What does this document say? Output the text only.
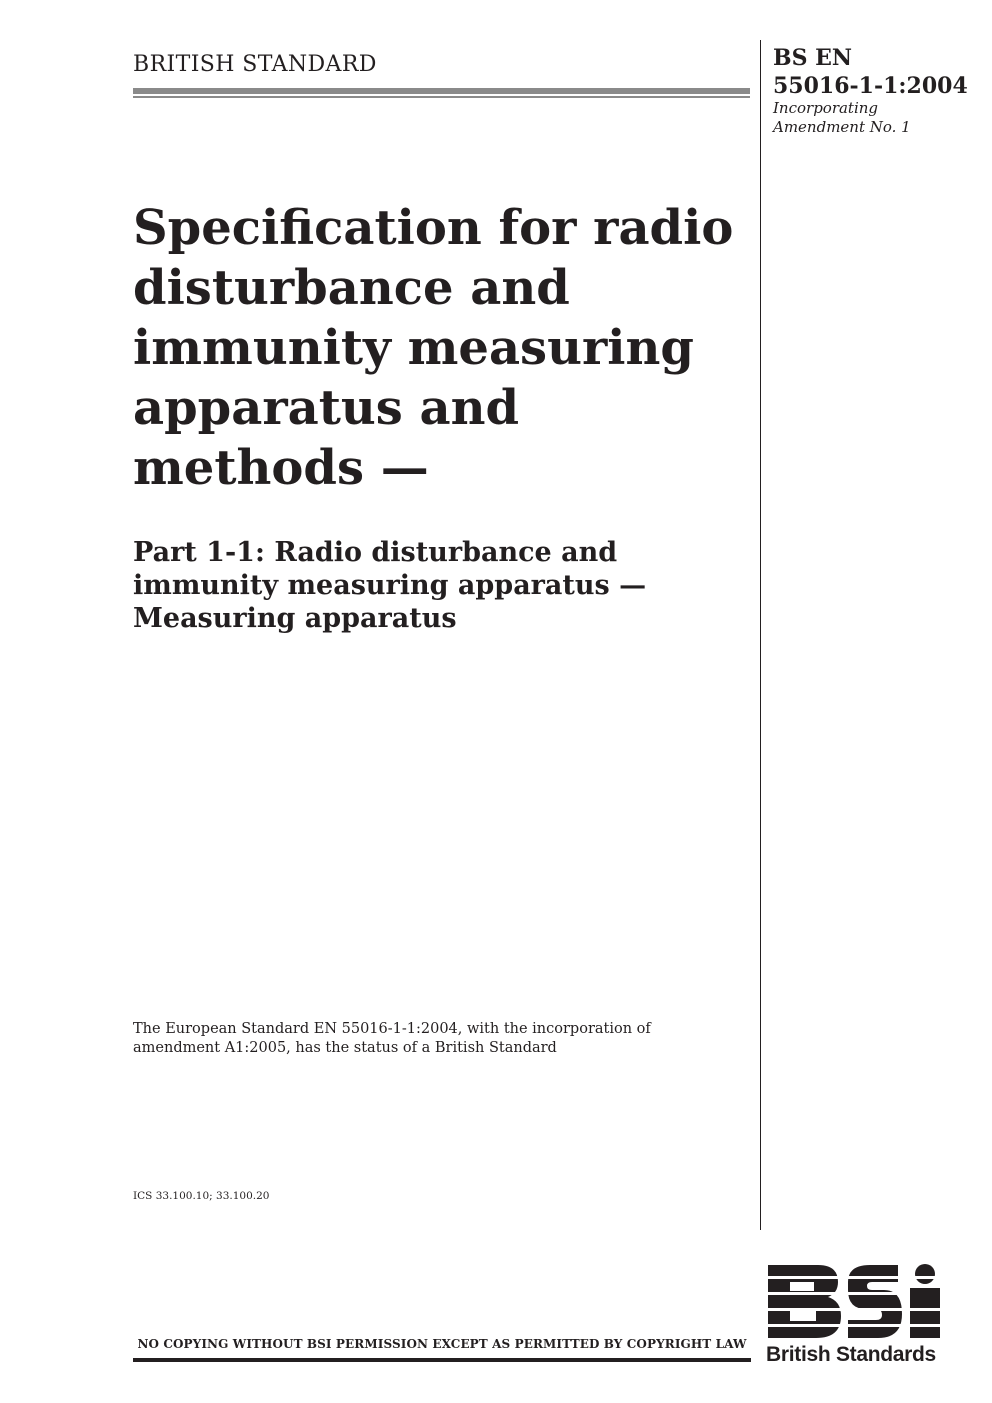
BRITISH STANDARD	BS EN
55016-1-1:2004
Incorporating
Amendment No. 1
Specification for radio
disturbance and
immunity measuring
apparatus and
methods —
Part 1-1: Radio disturbance and
immunity measuring apparatus —
Measuring apparatus
The European Standard EN 55016-1-1:2004, with the incorporation of
amendment A1:2005, has the status of a British Standard
ICS 33.100.10; 33.100.20
NO COPYING WITHOUT BSI PERMISSION EXCEPT AS PERMITTED BY COPYRIGHT LAW British Standards
